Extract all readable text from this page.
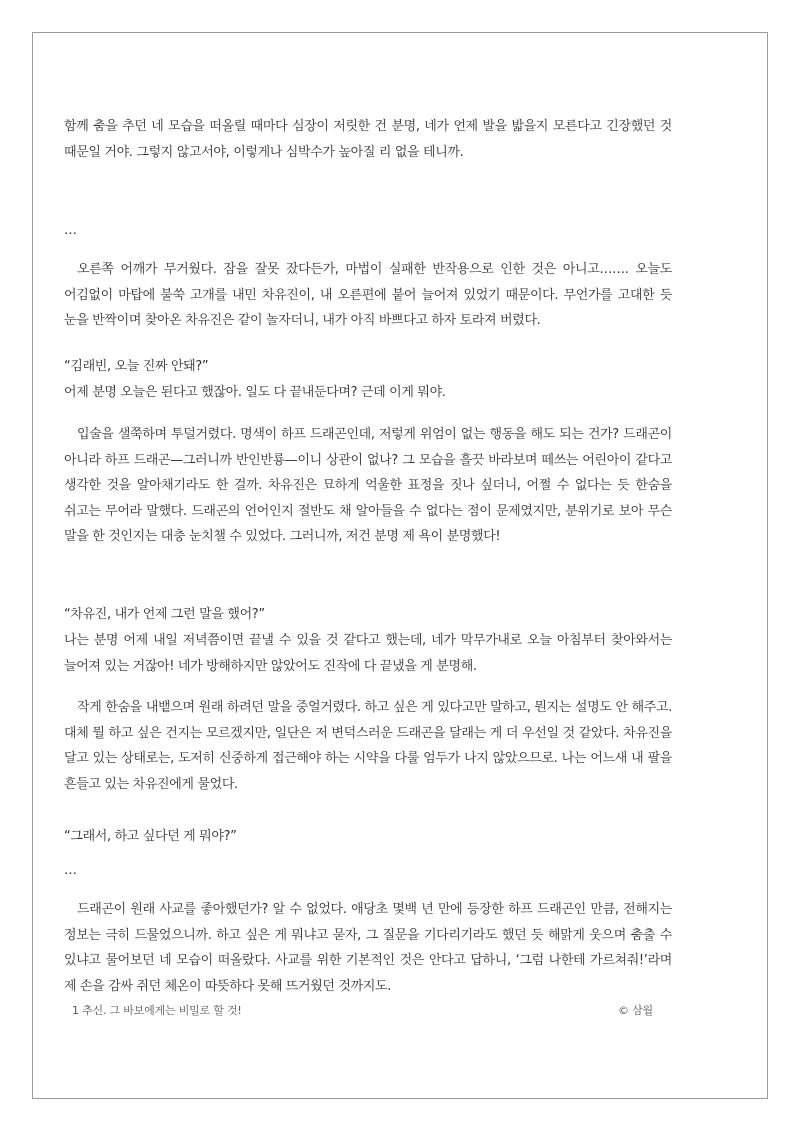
함께 춤을 추던 네 모습을 떠올릴 때마다 심장이 저릿한 건 분명, 네가 언제 발을 밟을지 모른다고 긴장했던 것 때문일 거야. 그렇지 않고서야, 이렇게나 심박수가 높아질 리 없을 테니까.

…

오른쪽 어깨가 무거웠다. 잠을 잘못 잤다든가, 마법이 실패한 반작용으로 인한 것은 아니고……. 오늘도 어김없이 마탑에 불쑥 고개를 내민 차유진이, 내 오른편에 붙어 늘어져 있었기 때문이다. 무언가를 고대한 듯 눈을 반짝이며 찾아온 차유진은 같이 놀자더니, 내가 아직 바쁘다고 하자 토라져 버렸다.

“김래빈, 오늘 진짜 안돼?”

어제 분명 오늘은 된다고 했잖아. 일도 다 끝내둔다며? 근데 이게 뭐야.

입술을 샐쭉하며 투덜거렸다. 명색이 하프 드래곤인데, 저렇게 위엄이 없는 행동을 해도 되는 건가? 드래곤이 아니라 하프 드래곤—그러니까 반인반룡—이니 상관이 없나? 그 모습을 흘끗 바라보며 떼쓰는 어린아이 같다고 생각한 것을 알아채기라도 한 걸까. 차유진은 묘하게 억울한 표정을 짓나 싶더니, 어쩔 수 없다는 듯 한숨을 쉬고는 무어라 말했다. 드래곤의 언어인지 절반도 채 알아들을 수 없다는 점이 문제였지만, 분위기로 보아 무슨 말을 한 것인지는 대충 눈치챌 수 있었다. 그러니까, 저건 분명 제 욕이 분명했다!

“차유진, 내가 언제 그런 말을 했어?”

나는 분명 어제 내일 저녁쯤이면 끝낼 수 있을 것 같다고 했는데, 네가 막무가내로 오늘 아침부터 찾아와서는 늘어져 있는 거잖아! 네가 방해하지만 않았어도 진작에 다 끝냈을 게 분명해.

작게 한숨을 내뱉으며 원래 하려던 말을 중얼거렸다. 하고 싶은 게 있다고만 말하고, 뭔지는 설명도 안 해주고. 대체 뭘 하고 싶은 건지는 모르겠지만, 일단은 저 변덕스러운 드래곤을 달래는 게 더 우선일 것 같았다. 차유진을 달고 있는 상태로는, 도저히 신중하게 접근해야 하는 시약을 다룰 엄두가 나지 않았으므로. 나는 어느새 내 팔을 흔들고 있는 차유진에게 물었다.

“그래서, 하고 싶다던 게 뭐야?”

…

드래곤이 원래 사교를 좋아했던가? 알 수 없었다. 애당초 몇백 년 만에 등장한 하프 드래곤인 만큼, 전해지는 정보는 극히 드물었으니까. 하고 싶은 게 뭐냐고 묻자, 그 질문을 기다리기라도 했던 듯 해맑게 웃으며 춤출 수 있냐고 물어보던 네 모습이 떠올랐다. 사교를 위한 기본적인 것은 안다고 답하니, ‘그럼 나한테 가르쳐줘!’라며 제 손을 감싸 쥐던 체온이 따뜻하다 못해 뜨거웠던 것까지도.

1 추신. 그 바보에게는 비밀로 할 것!	© 삼월
